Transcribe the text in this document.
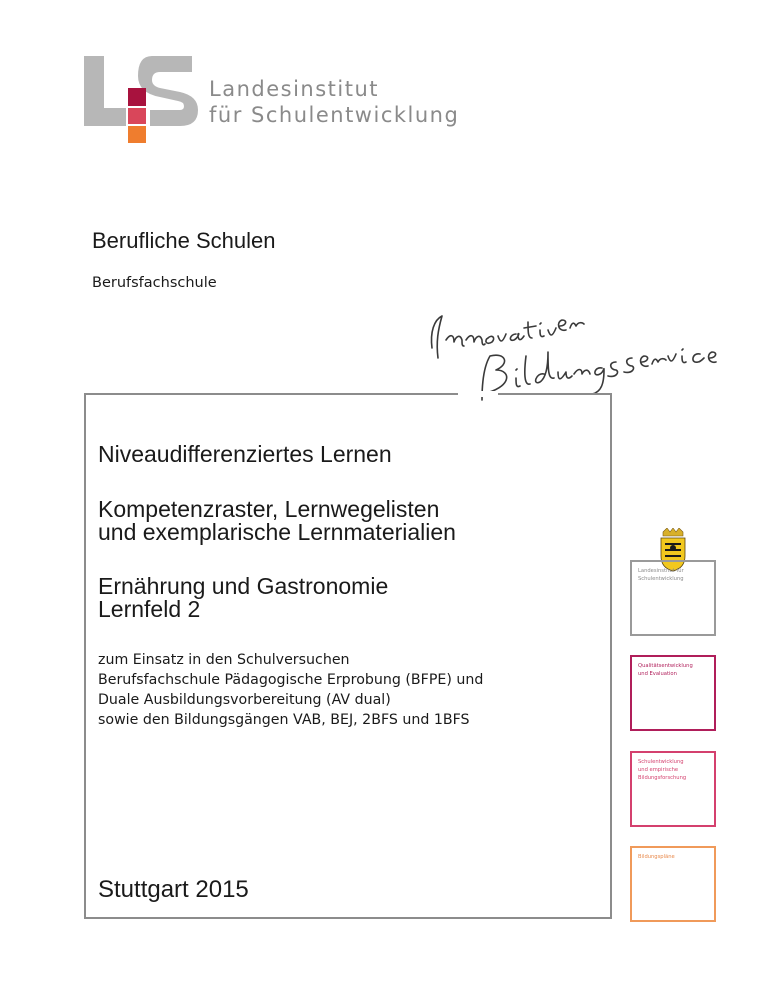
Landesinstitut
für Schulentwicklung
Berufliche Schulen
Berufsfachschule
Niveaudifferenziertes Lernen
Kompetenzraster, Lernwegelisten
und exemplarische Lernmaterialien
Ernährung und Gastronomie
Lernfeld 2
zum Einsatz in den Schulversuchen
Berufsfachschule Pädagogische Erprobung (BFPE) und
Duale Ausbildungsvorbereitung (AV dual)
sowie den Bildungsgängen VAB, BEJ, 2BFS und 1BFS
Stuttgart 2015
Landesinstitut für
Schulentwicklung
Qualitätsentwicklung
und Evaluation
Schulentwicklung
und empirische
Bildungsforschung
Bildungspläne
